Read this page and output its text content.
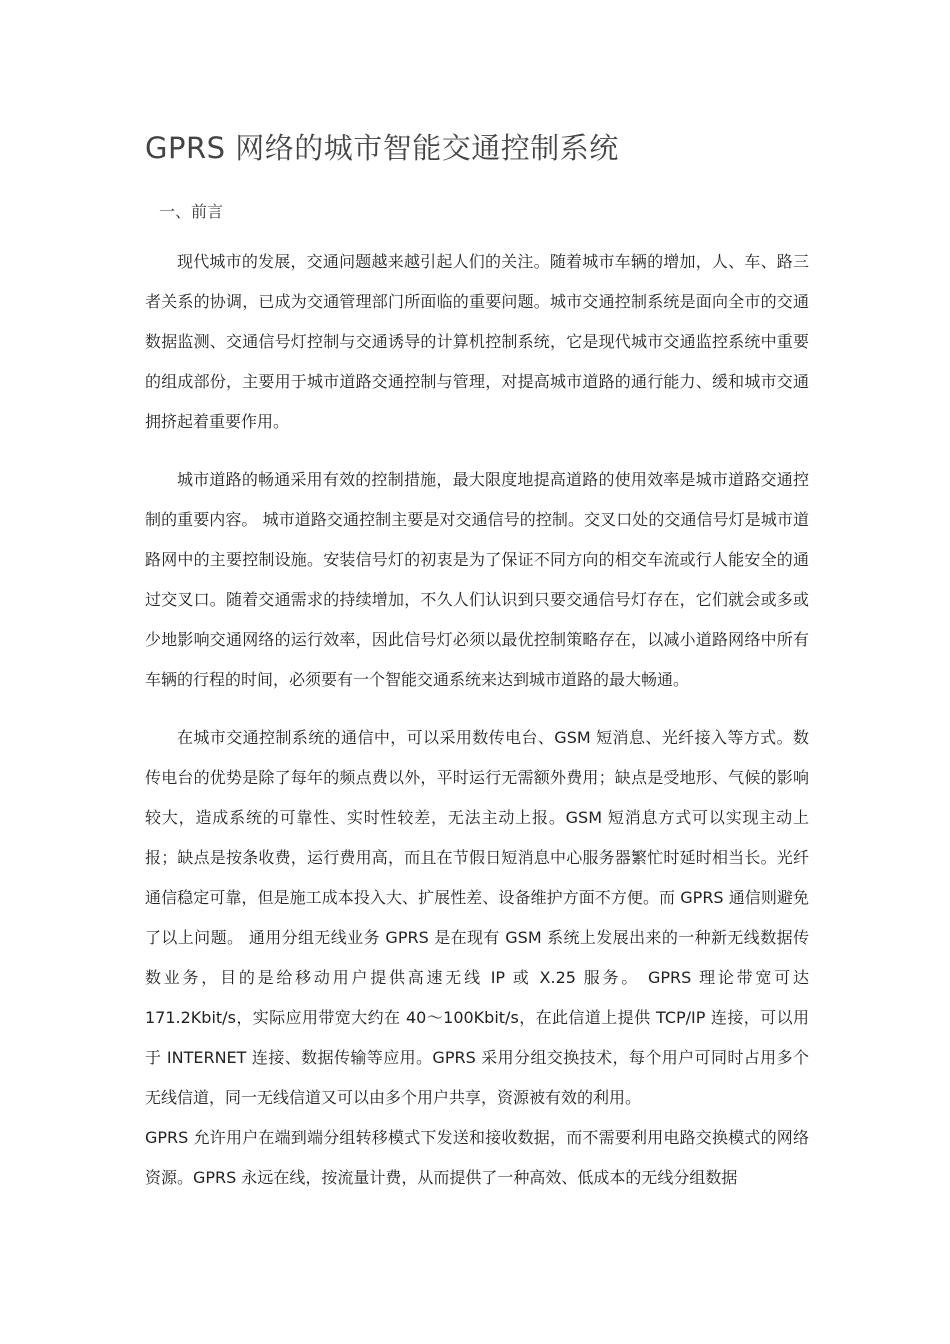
GPRS 网络的城市智能交通控制系统

一、前言

现代城市的发展，交通问题越来越引起人们的关注。随着城市车辆的增加，人、车、路三者关系的协调，已成为交通管理部门所面临的重要问题。城市交通控制系统是面向全市的交通数据监测、交通信号灯控制与交通诱导的计算机控制系统，它是现代城市交通监控系统中重要的组成部份，主要用于城市道路交通控制与管理，对提高城市道路的通行能力、缓和城市交通拥挤起着重要作用。

城市道路的畅通采用有效的控制措施，最大限度地提高道路的使用效率是城市道路交通控制的重要内容。 城市道路交通控制主要是对交通信号的控制。交叉口处的交通信号灯是城市道路网中的主要控制设施。安装信号灯的初衷是为了保证不同方向的相交车流或行人能安全的通过交叉口。随着交通需求的持续增加，不久人们认识到只要交通信号灯存在，它们就会或多或少地影响交通网络的运行效率，因此信号灯必须以最优控制策略存在，以减小道路网络中所有车辆的行程的时间，必须要有一个智能交通系统来达到城市道路的最大畅通。

在城市交通控制系统的通信中，可以采用数传电台、GSM 短消息、光纤接入等方式。数传电台的优势是除了每年的频点费以外，平时运行无需额外费用；缺点是受地形、气候的影响较大，造成系统的可靠性、实时性较差，无法主动上报。GSM 短消息方式可以实现主动上报；缺点是按条收费，运行费用高，而且在节假日短消息中心服务器繁忙时延时相当长。光纤通信稳定可靠，但是施工成本投入大、扩展性差、设备维护方面不方便。而 GPRS 通信则避免了以上问题。 通用分组无线业务 GPRS 是在现有 GSM 系统上发展出来的一种新无线数据传数业务，目的是给移动用户提供高速无线 IP 或 X.25 服务。 GPRS 理论带宽可达 171.2Kbit/s，实际应用带宽大约在 40～100Kbit/s，在此信道上提供 TCP/IP 连接，可以用于 INTERNET 连接、数据传输等应用。GPRS 采用分组交换技术，每个用户可同时占用多个无线信道，同一无线信道又可以由多个用户共享，资源被有效的利用。

GPRS 允许用户在端到端分组转移模式下发送和接收数据，而不需要利用电路交换模式的网络资源。GPRS 永远在线，按流量计费，从而提供了一种高效、低成本的无线分组数据
